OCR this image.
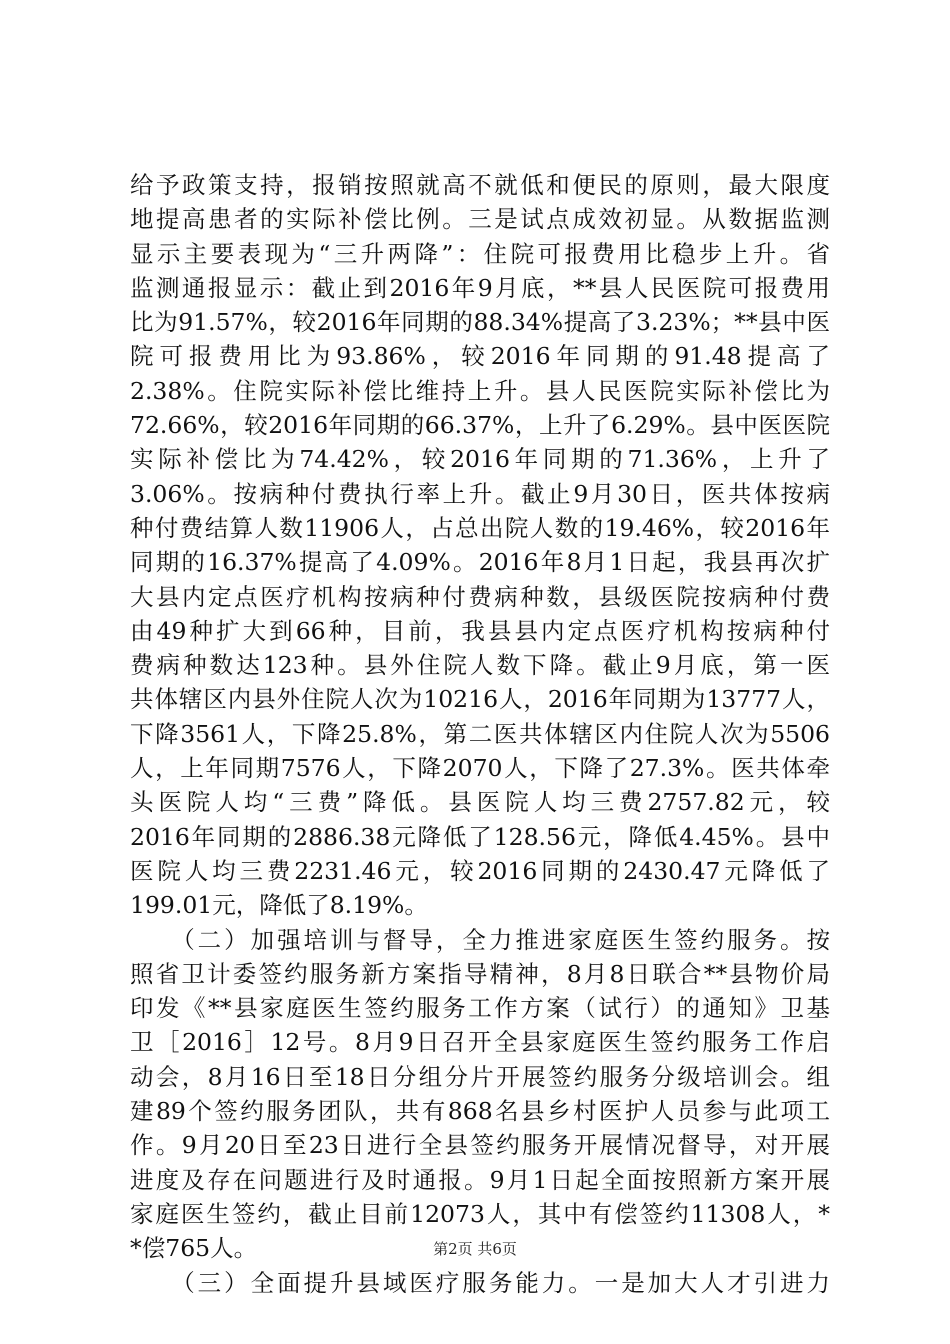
给予政策支持，报销按照就高不就低和便民的原则，最大限度
地提高患者的实际补偿比例。三是试点成效初显。从数据监测
显示主要表现为“三升两降”：住院可报费用比稳步上升。省
监测通报显示：截止到2016年9月底，**县人民医院可报费用
比为91.57%，较2016年同期的88.34%提高了3.23%；**县中医
院可报费用比为93.86%，较2016年同期的91.48提高了
2.38%。住院实际补偿比维持上升。县人民医院实际补偿比为
72.66%，较2016年同期的66.37%，上升了6.29%。县中医医院
实际补偿比为74.42%，较2016年同期的71.36%，上升了
3.06%。按病种付费执行率上升。截止9月30日，医共体按病
种付费结算人数11906人，占总出院人数的19.46%，较2016年
同期的16.37%提高了4.09%。2016年8月1日起，我县再次扩
大县内定点医疗机构按病种付费病种数，县级医院按病种付费
由49种扩大到66种，目前，我县县内定点医疗机构按病种付
费病种数达123种。县外住院人数下降。截止9月底，第一医
共体辖区内县外住院人次为10216人，2016年同期为13777人，
下降3561人，下降25.8%，第二医共体辖区内住院人次为5506
人，上年同期7576人，下降2070人，下降了27.3%。医共体牵
头医院人均“三费”降低。县医院人均三费2757.82元，较
2016年同期的2886.38元降低了128.56元，降低4.45%。县中
医院人均三费2231.46元，较2016同期的2430.47元降低了
199.01元，降低了8.19%。
　　（二）加强培训与督导，全力推进家庭医生签约服务。按
照省卫计委签约服务新方案指导精神，8月8日联合**县物价局
印发《**县家庭医生签约服务工作方案（试行）的通知》卫基
卫［2016］12号。8月9日召开全县家庭医生签约服务工作启
动会，8月16日至18日分组分片开展签约服务分级培训会。组
建89个签约服务团队，共有868名县乡村医护人员参与此项工
作。9月20日至23日进行全县签约服务开展情况督导，对开展
进度及存在问题进行及时通报。9月1日起全面按照新方案开展
家庭医生签约，截止目前12073人，其中有偿签约11308人，*
*偿765人。
　　（三）全面提升县域医疗服务能力。一是加大人才引进力
第2页 共6页
